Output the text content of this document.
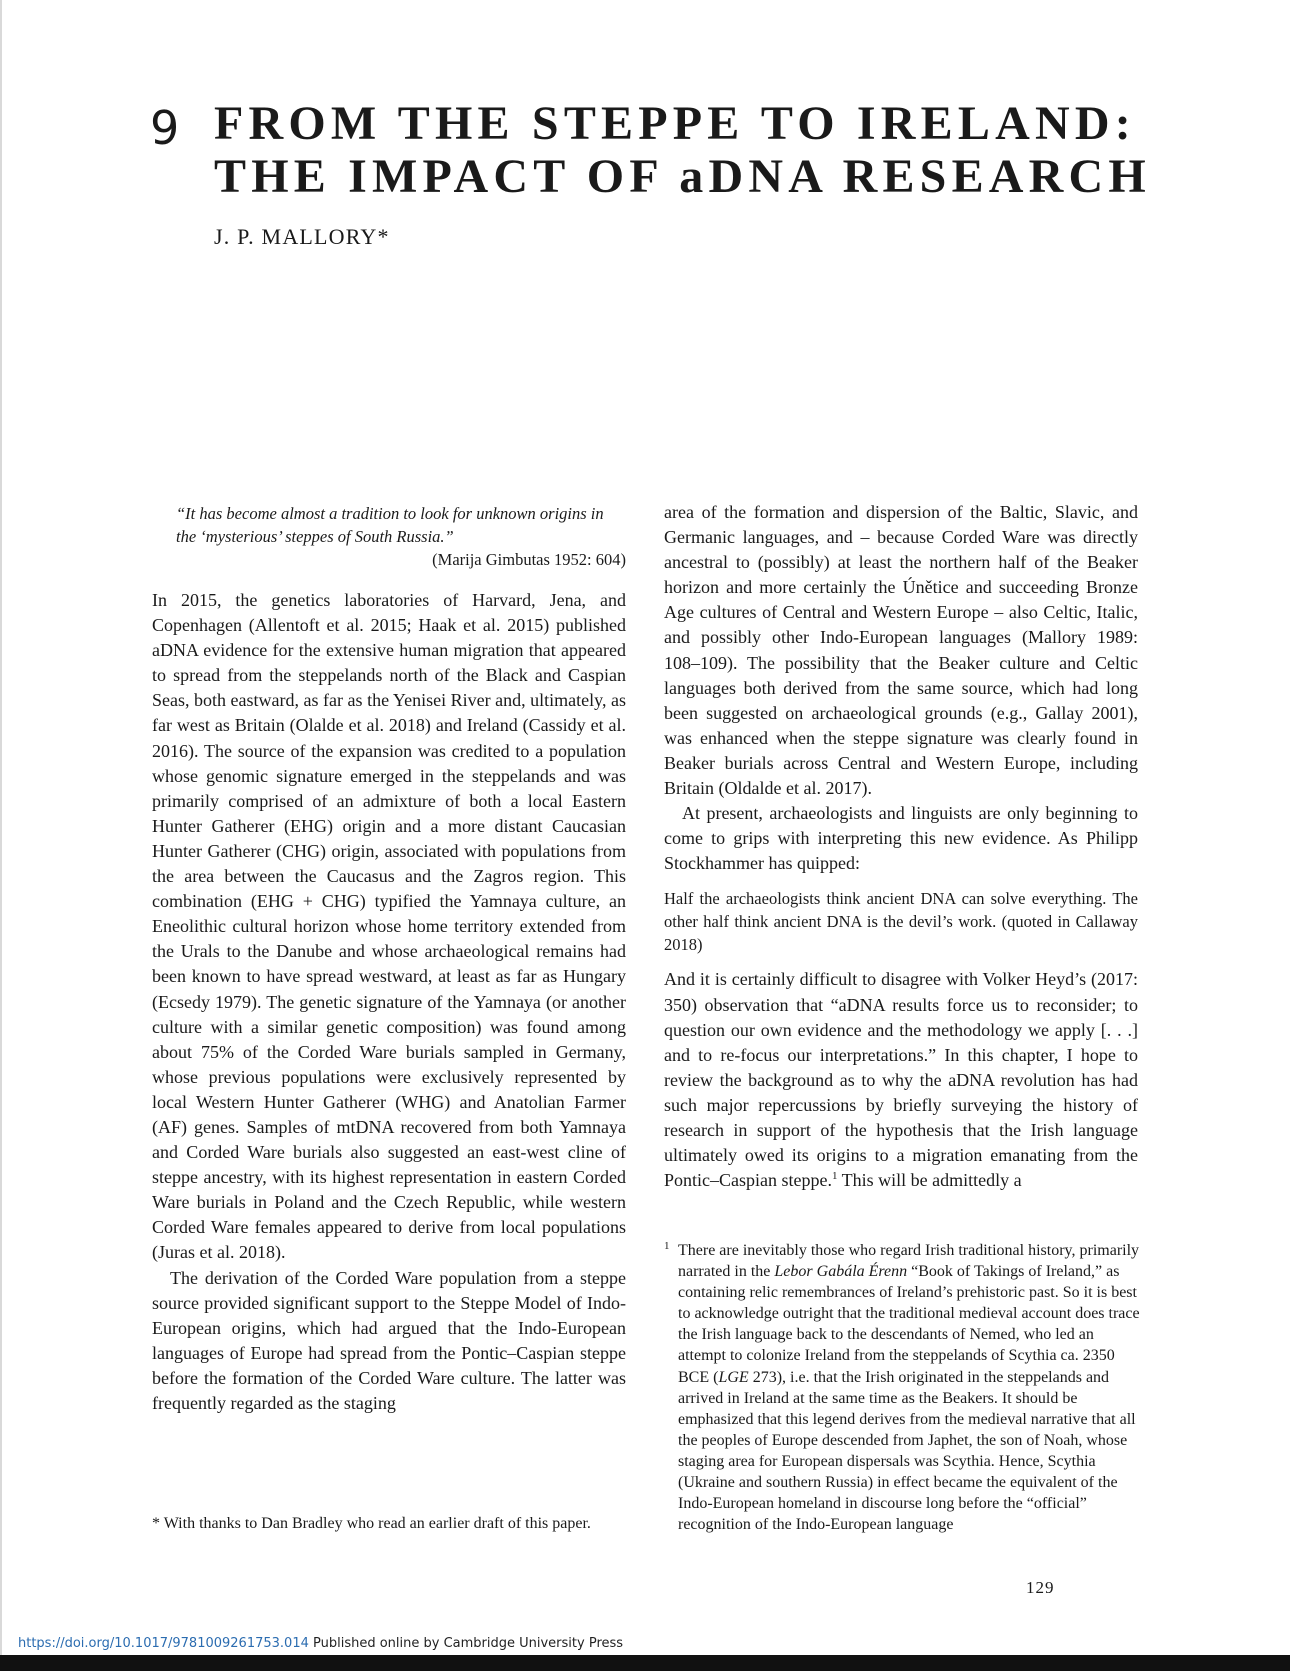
9 FROM THE STEPPE TO IRELAND:
THE IMPACT OF aDNA RESEARCH
J. P. MALLORY*

“It has become almost a tradition to look for unknown origins in the ‘mysterious’ steppes of South Russia.”

(Marija Gimbutas 1952: 604)

In 2015, the genetics laboratories of Harvard, Jena, and Copenhagen (Allentoft et al. 2015; Haak et al. 2015) published aDNA evidence for the extensive human migration that appeared to spread from the steppelands north of the Black and Caspian Seas, both eastward, as far as the Yenisei River and, ultimately, as far west as Britain (Olalde et al. 2018) and Ireland (Cassidy et al. 2016). The source of the expansion was credited to a population whose genomic signature emerged in the steppelands and was primarily comprised of an admixture of both a local Eastern Hunter Gatherer (EHG) origin and a more distant Caucasian Hunter Gatherer (CHG) origin, associated with populations from the area between the Caucasus and the Zagros region. This combination (EHG + CHG) typified the Yamnaya culture, an Eneolithic cultural horizon whose home territory extended from the Urals to the Danube and whose archaeological remains had been known to have spread westward, at least as far as Hungary (Ecsedy 1979). The genetic signature of the Yamnaya (or another culture with a similar genetic composition) was found among about 75% of the Corded Ware burials sampled in Germany, whose previous populations were exclusively represented by local Western Hunter Gatherer (WHG) and Anatolian Farmer (AF) genes. Samples of mtDNA recovered from both Yamnaya and Corded Ware burials also suggested an east-west cline of steppe ancestry, with its highest representation in eastern Corded Ware burials in Poland and the Czech Republic, while western Corded Ware females appeared to derive from local populations (Juras et al. 2018).

The derivation of the Corded Ware population from a steppe source provided significant support to the Steppe Model of Indo-European origins, which had argued that the Indo-European languages of Europe had spread from the Pontic–Caspian steppe before the formation of the Corded Ware culture. The latter was frequently regarded as the staging

area of the formation and dispersion of the Baltic, Slavic, and Germanic languages, and – because Corded Ware was directly ancestral to (possibly) at least the northern half of the Beaker horizon and more certainly the Únětice and succeeding Bronze Age cultures of Central and Western Europe – also Celtic, Italic, and possibly other Indo-European languages (Mallory 1989: 108–109). The possibility that the Beaker culture and Celtic languages both derived from the same source, which had long been suggested on archaeological grounds (e.g., Gallay 2001), was enhanced when the steppe signature was clearly found in Beaker burials across Central and Western Europe, including Britain (Oldalde et al. 2017).

At present, archaeologists and linguists are only beginning to come to grips with interpreting this new evidence. As Philipp Stockhammer has quipped:

Half the archaeologists think ancient DNA can solve everything. The other half think ancient DNA is the devil’s work. (quoted in Callaway 2018)

And it is certainly difficult to disagree with Volker Heyd’s (2017: 350) observation that “aDNA results force us to reconsider; to question our own evidence and the methodology we apply [. . .] and to re-focus our interpretations.” In this chapter, I hope to review the background as to why the aDNA revolution has had such major repercussions by briefly surveying the history of research in support of the hypothesis that the Irish language ultimately owed its origins to a migration emanating from the Pontic–Caspian steppe.$^1$ This will be admittedly a

1 There are inevitably those who regard Irish traditional history, primarily narrated in the Lebor Gabála Érenn “Book of Takings of Ireland,” as containing relic remembrances of Ireland’s prehistoric past. So it is best to acknowledge outright that the traditional medieval account does trace the Irish language back to the descendants of Nemed, who led an attempt to colonize Ireland from the steppelands of Scythia ca. 2350 BCE (LGE 273), i.e. that the Irish originated in the steppelands and arrived in Ireland at the same time as the Beakers. It should be emphasized that this legend derives from the medieval narrative that all the peoples of Europe descended from Japhet, the son of Noah, whose staging area for European dispersals was Scythia. Hence, Scythia (Ukraine and southern Russia) in effect became the equivalent of the Indo-European homeland in discourse long before the “official” recognition of the Indo-European language
* With thanks to Dan Bradley who read an earlier draft of this paper.
129
https://doi.org/10.1017/9781009261753.014 Published online by Cambridge University Press
